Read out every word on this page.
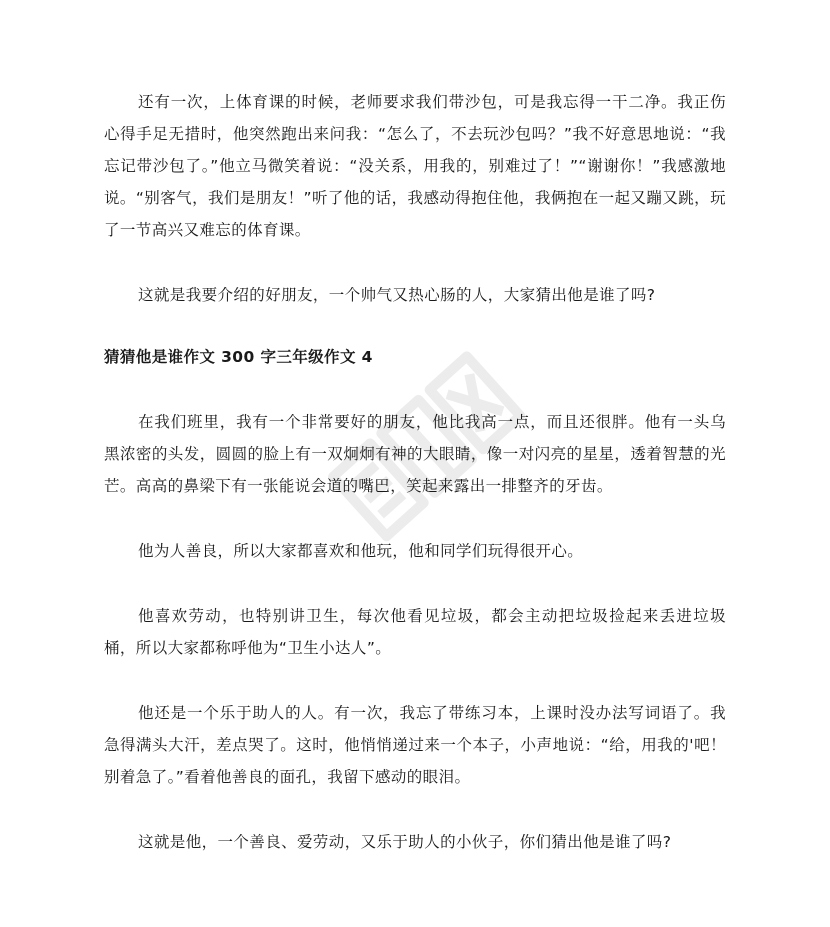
还有一次，上体育课的时候，老师要求我们带沙包，可是我忘得一干二净。我正伤心得手足无措时，他突然跑出来问我：“怎么了，不去玩沙包吗？”我不好意思地说：“我忘记带沙包了。”他立马微笑着说：“没关系，用我的，别难过了！”“谢谢你！”我感激地说。“别客气，我们是朋友！”听了他的话，我感动得抱住他，我俩抱在一起又蹦又跳，玩了一节高兴又难忘的体育课。

这就是我要介绍的好朋友，一个帅气又热心肠的人，大家猜出他是谁了吗?

猜猜他是谁作文 300 字三年级作文 4

在我们班里，我有一个非常要好的朋友，他比我高一点，而且还很胖。他有一头乌黑浓密的头发，圆圆的脸上有一双炯炯有神的大眼睛，像一对闪亮的星星，透着智慧的光芒。高高的鼻梁下有一张能说会道的嘴巴，笑起来露出一排整齐的牙齿。

他为人善良，所以大家都喜欢和他玩，他和同学们玩得很开心。

他喜欢劳动，也特别讲卫生，每次他看见垃圾，都会主动把垃圾捡起来丢进垃圾桶，所以大家都称呼他为“卫生小达人”。

他还是一个乐于助人的人。有一次，我忘了带练习本，上课时没办法写词语了。我急得满头大汗，差点哭了。这时，他悄悄递过来一个本子，小声地说：“给，用我的'吧！别着急了。”看着他善良的面孔，我留下感动的眼泪。

这就是他，一个善良、爱劳动，又乐于助人的小伙子，你们猜出他是谁了吗?
